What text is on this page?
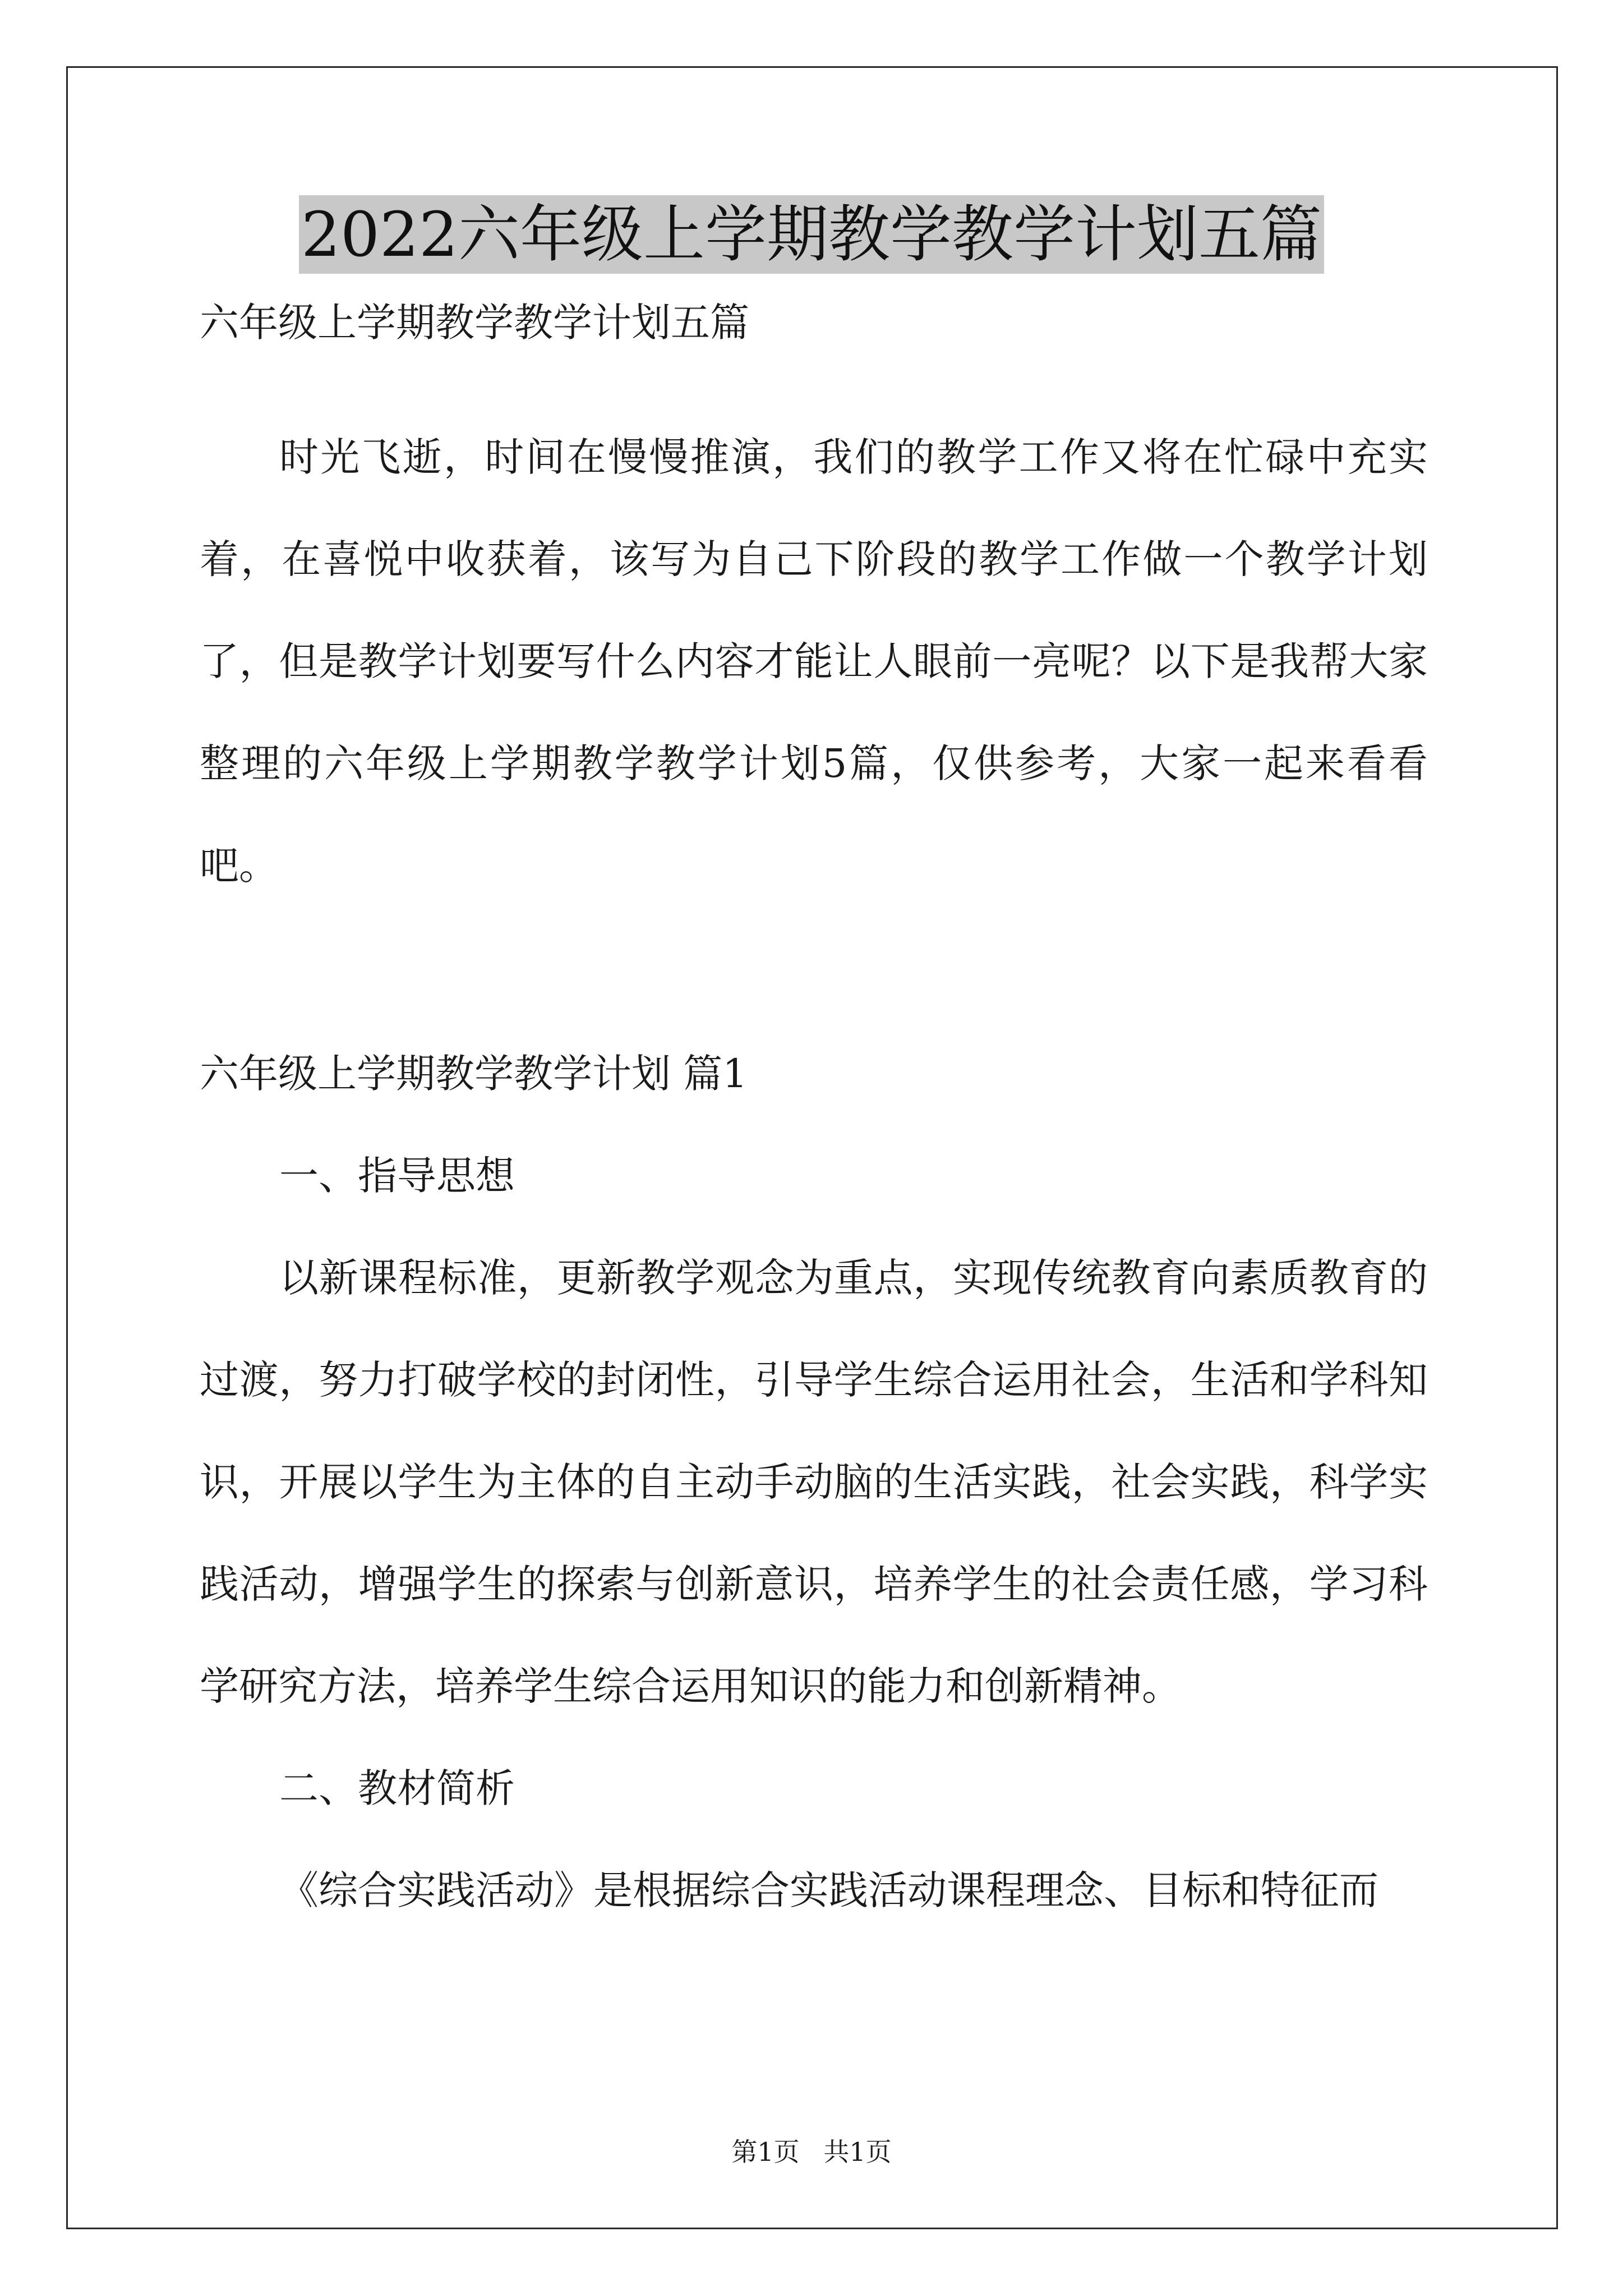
2022六年级上学期教学教学计划五篇
六年级上学期教学教学计划五篇
时光飞逝，时间在慢慢推演，我们的教学工作又将在忙碌中充实着，在喜悦中收获着，该写为自己下阶段的教学工作做一个教学计划了，但是教学计划要写什么内容才能让人眼前一亮呢？以下是我帮大家整理的六年级上学期教学教学计划5篇，仅供参考，大家一起来看看吧。
六年级上学期教学教学计划 篇1
一、指导思想
以新课程标准，更新教学观念为重点，实现传统教育向素质教育的过渡，努力打破学校的封闭性，引导学生综合运用社会，生活和学科知识，开展以学生为主体的自主动手动脑的生活实践，社会实践，科学实践活动，增强学生的探索与创新意识，培养学生的社会责任感，学习科学研究方法，培养学生综合运用知识的能力和创新精神。
二、教材简析
《综合实践活动》是根据综合实践活动课程理念、目标和特征而
第1页 共1页
